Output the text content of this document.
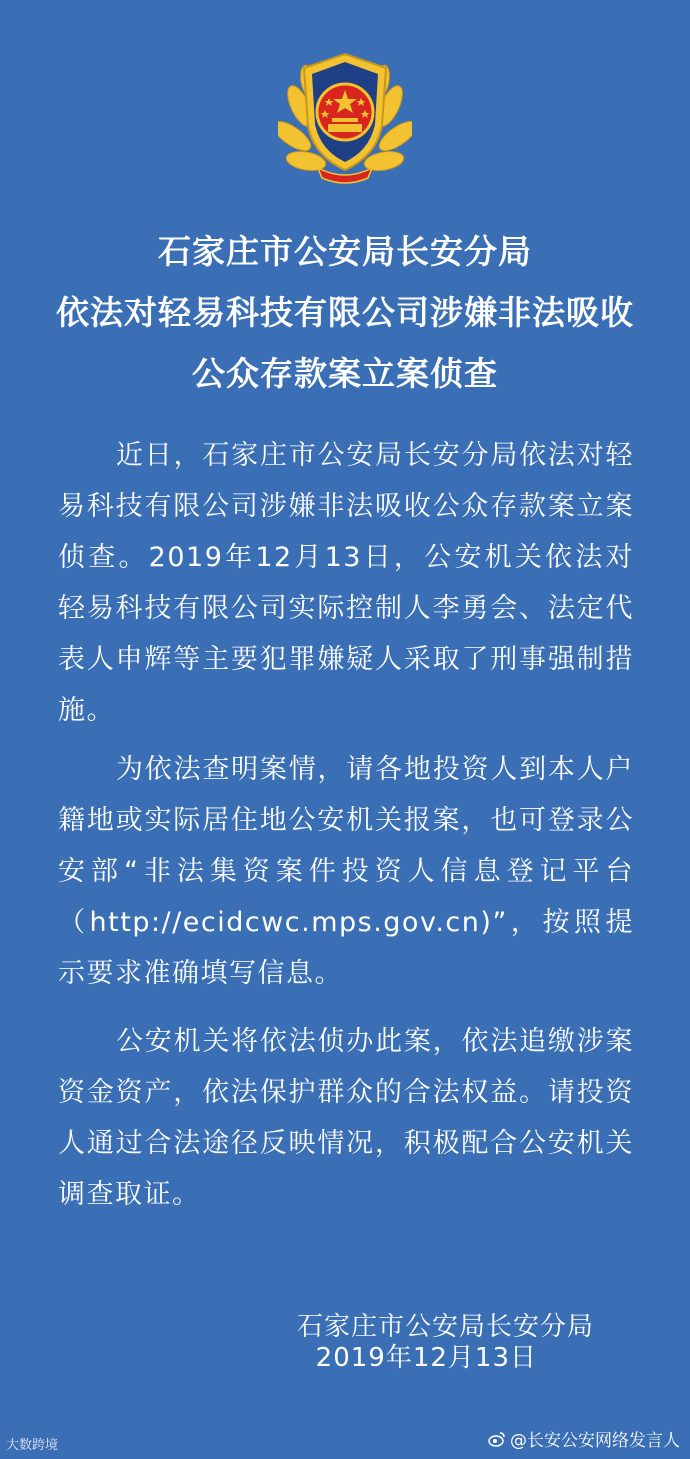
石家庄市公安局长安分局
依法对轻易科技有限公司涉嫌非法吸收
公众存款案立案侦查

近日，石家庄市公安局长安分局依法对轻易科技有限公司涉嫌非法吸收公众存款案立案侦查。2019年12月13日，公安机关依法对轻易科技有限公司实际控制人李勇会、法定代表人申辉等主要犯罪嫌疑人采取了刑事强制措施。

为依法查明案情，请各地投资人到本人户籍地或实际居住地公安机关报案，也可登录公安部“非法集资案件投资人信息登记平台（http://ecidcwc.mps.gov.cn)”，按照提示要求准确填写信息。

公安机关将依法侦办此案，依法追缴涉案资金资产，依法保护群众的合法权益。请投资人通过合法途径反映情况，积极配合公安机关调查取证。

石家庄市公安局长安分局
2019年12月13日
大数跨境	@长安公安网络发言人
